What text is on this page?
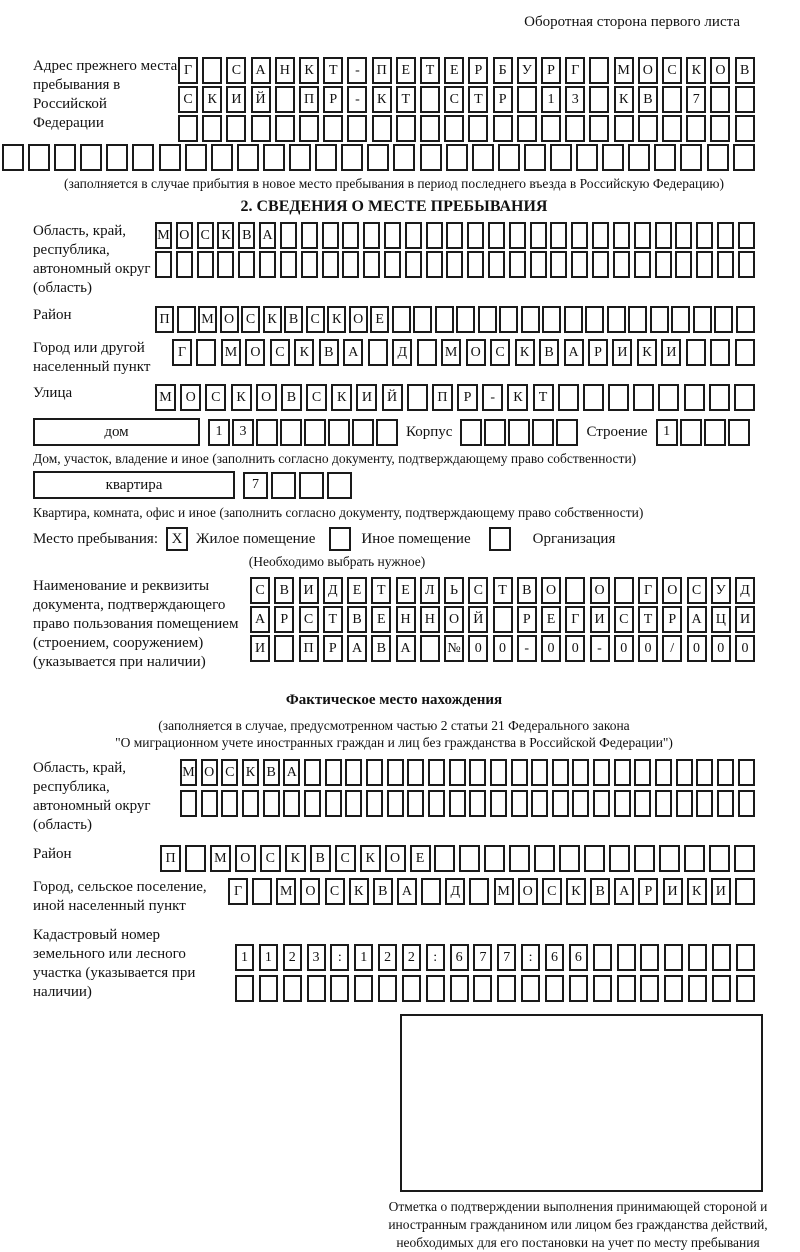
Оборотная сторона первого листа
Адрес прежнего места пребывания в Российской Федерации
Г	С	А	Н	К	Т	-	П	Е	Т	Е	Р	Б	У	Р	Г	М О	С	К	О	В
С	К	И	Й	П	Р	-	К	Т	С	Т	Р	1	3	К	В	7
(заполняется в случае прибытия в новое место пребывания в период последнего въезда в Российскую Федерацию)
2. СВЕДЕНИЯ О МЕСТЕ ПРЕБЫВАНИЯ
Область, край, республика, автономный округ (область)
М О С К В А
Район	П	М О С К В С К О Е
Город или другой населенный пункт
Г	М О	С	К	В	А	Д	М О	С	К	В	А	Р	И	К	И
Улица	М О	С	К	О	В	С	К	И	Й	П	Р	-	К	Т
дом	1	3	Корпус	Строение	1
Дом, участок, владение и иное (заполнить согласно документу, подтверждающему право собственности)
квартира	7
Квартира, комната, офис и иное (заполнить согласно документу, подтверждающему право собственности)
Место пребывания: X Жилое помещение	Иное помещение	Организация
(Необходимо выбрать нужное)
Наименование и реквизиты документа, подтверждающего право пользования помещением (строением, сооружением) (указывается при наличии)
С	В	И	Д	Е	Т	Е	Л	Ь	С	Т	В	О	О	Г	О	С	У	Д
А	Р	С	Т	В	Е	Н	Н	О	Й	Р	Е	Г	И	С	Т	Р	А	Ц	И
И	П	Р	А	В	А	№	0	0	-	0	0	-	0	0	/	0	0	0
Фактическое место нахождения
(заполняется в случае, предусмотренном частью 2 статьи 21 Федерального закона
"О миграционном учете иностранных граждан и лиц без гражданства в Российской Федерации")
Область, край, республика, автономный округ (область)
М О С К В А
Район	П	М О	С	К	В	С	К	О	Е
Город, сельское поселение, иной населенный пункт
Г	М О	С	К	В	А	Д	М О	С	К	В	А	Р	И	К	И
Кадастровый номер земельного или лесного участка (указывается при наличии)
1	1	2	3	:	1	2	2	:	6	7	7	:	6	6
Отметка о подтверждении выполнения принимающей стороной и иностранным гражданином или лицом без гражданства действий, необходимых для его постановки на учет по месту пребывания
